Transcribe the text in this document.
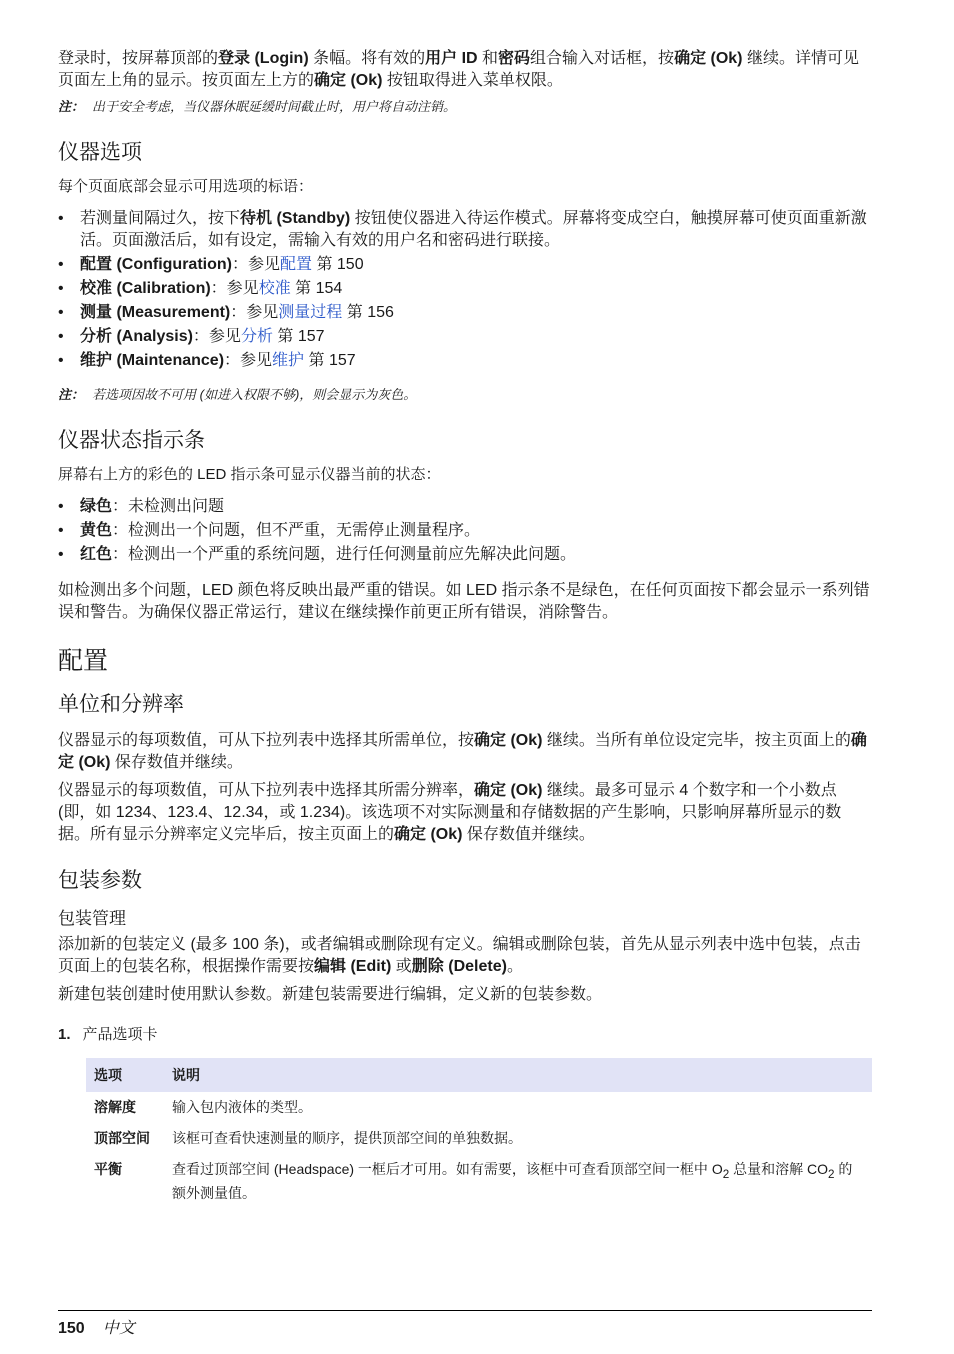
登录时，按屏幕顶部的登录 (Login) 条幅。将有效的用户 ID 和密码组合输入对话框，按确定 (Ok) 继续。详情可见页面左上角的显示。按页面左上方的确定 (Ok) 按钮取得进入菜单权限。

注： 出于安全考虑，当仪器休眠延缓时间截止时，用户将自动注销。

仪器选项

每个页面底部会显示可用选项的标语：

• 若测量间隔过久，按下待机 (Standby) 按钮使仪器进入待运作模式。屏幕将变成空白，触摸屏幕可使页面重新激活。页面激活后，如有设定，需输入有效的用户名和密码进行联接。
• 配置 (Configuration)：参见配置 第 150
• 校准 (Calibration)：参见校准 第 154
• 测量 (Measurement)：参见测量过程 第 156
• 分析 (Analysis)：参见分析 第 157
• 维护 (Maintenance)：参见维护 第 157

注： 若选项因故不可用 (如进入权限不够)，则会显示为灰色。

仪器状态指示条

屏幕右上方的彩色的 LED 指示条可显示仪器当前的状态：

• 绿色：未检测出问题
• 黄色：检测出一个问题，但不严重，无需停止测量程序。
• 红色：检测出一个严重的系统问题，进行任何测量前应先解决此问题。

如检测出多个问题，LED 颜色将反映出最严重的错误。如 LED 指示条不是绿色，在任何页面按下都会显示一系列错误和警告。为确保仪器正常运行，建议在继续操作前更正所有错误，消除警告。

配置
单位和分辨率

仪器显示的每项数值，可从下拉列表中选择其所需单位，按确定 (Ok) 继续。当所有单位设定完毕，按主页面上的确定 (Ok) 保存数值并继续。

仪器显示的每项数值，可从下拉列表中选择其所需分辨率，确定 (Ok) 继续。最多可显示 4 个数字和一个小数点 (即，如 1234、123.4、12.34，或 1.234)。该选项不对实际测量和存储数据的产生影响，只影响屏幕所显示的数据。所有显示分辨率定义完毕后，按主页面上的确定 (Ok) 保存数值并继续。

包装参数
包装管理

添加新的包装定义 (最多 100 条)，或者编辑或删除现有定义。编辑或删除包装，首先从显示列表中选中包装，点击页面上的包装名称，根据操作需要按编辑 (Edit) 或删除 (Delete)。

新建包装创建时使用默认参数。新建包装需要进行编辑，定义新的包装参数。

1. 产品选项卡

选项	说明
溶解度	输入包内液体的类型。
顶部空间	该框可查看快速测量的顺序，提供顶部空间的单独数据。
平衡	查看过顶部空间 (Headspace) 一框后才可用。如有需要，该框中可查看顶部空间一框中 $O_2$ 总量和溶解 $CO_2$ 的额外测量值。
150 中文
